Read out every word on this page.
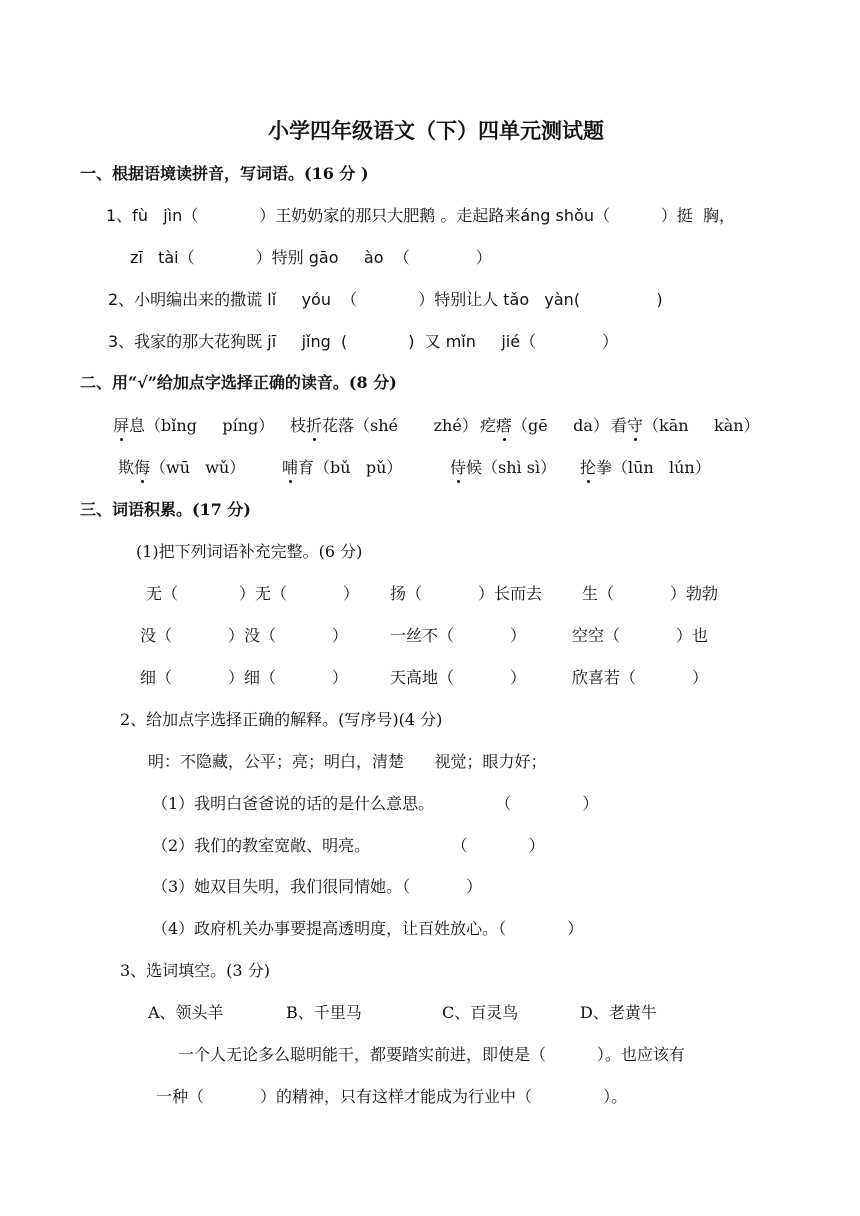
小学四年级语文（下）四单元测试题
一、根据语境读拼音，写词语。(16 分 )
1、fù   jìn（            ）王奶奶家的那只大肥鹅 。走起路来áng shǒu（          ）挺  胸，
zī   tài（            ）特别 gāo     ào  （             ）
2、小明编出来的撒谎 lǐ     yóu  （            ）特别让人 tǎo   yàn(               )
3、我家的那大花狗既 jī     jǐng  (            )  又 mǐn     jié（             ）
二、用“√”给加点字选择正确的读音。(8 分)
屏
息（bǐng     píng） 枝折
花落（shé       zhé） 疙瘩
（gē     da） 看守
（kān     kàn）
欺侮
（wū   wǔ） 哺
育（bǔ   pǔ）	侍
候（shì sì） 抡
拳（lūn   lún）
三、词语积累。(17 分)
(1)把下列词语补充完整。(6 分)
无（            ）无（           ） 扬（           ）长而去	生（           ）勃勃
没（           ）没（           ）	一丝不（           ）	空空（           ）也
细（           ）细（           ）	天高地（           ）	欣喜若（           ）
2、给加点字选择正确的解释。(写序号)(4 分)
明：不隐藏，公平；亮；明白，清楚      视觉；眼力好；
（1）我明白爸爸说的话的是什么意思。            （              ）
（2）我们的教室宽敞、明亮。                （            ）
（3）她双目失明，我们很同情她。（           ）
（4）政府机关办事要提高透明度，让百姓放心。（            ）
3、选词填空。(3 分)
A、领头羊	B、千里马	C、百灵鸟	D、老黄牛
一个人无论多么聪明能干，都要踏实前进，即使是（          ）。也应该有
一种（           ）的精神，只有这样才能成为行业中（              ）。
